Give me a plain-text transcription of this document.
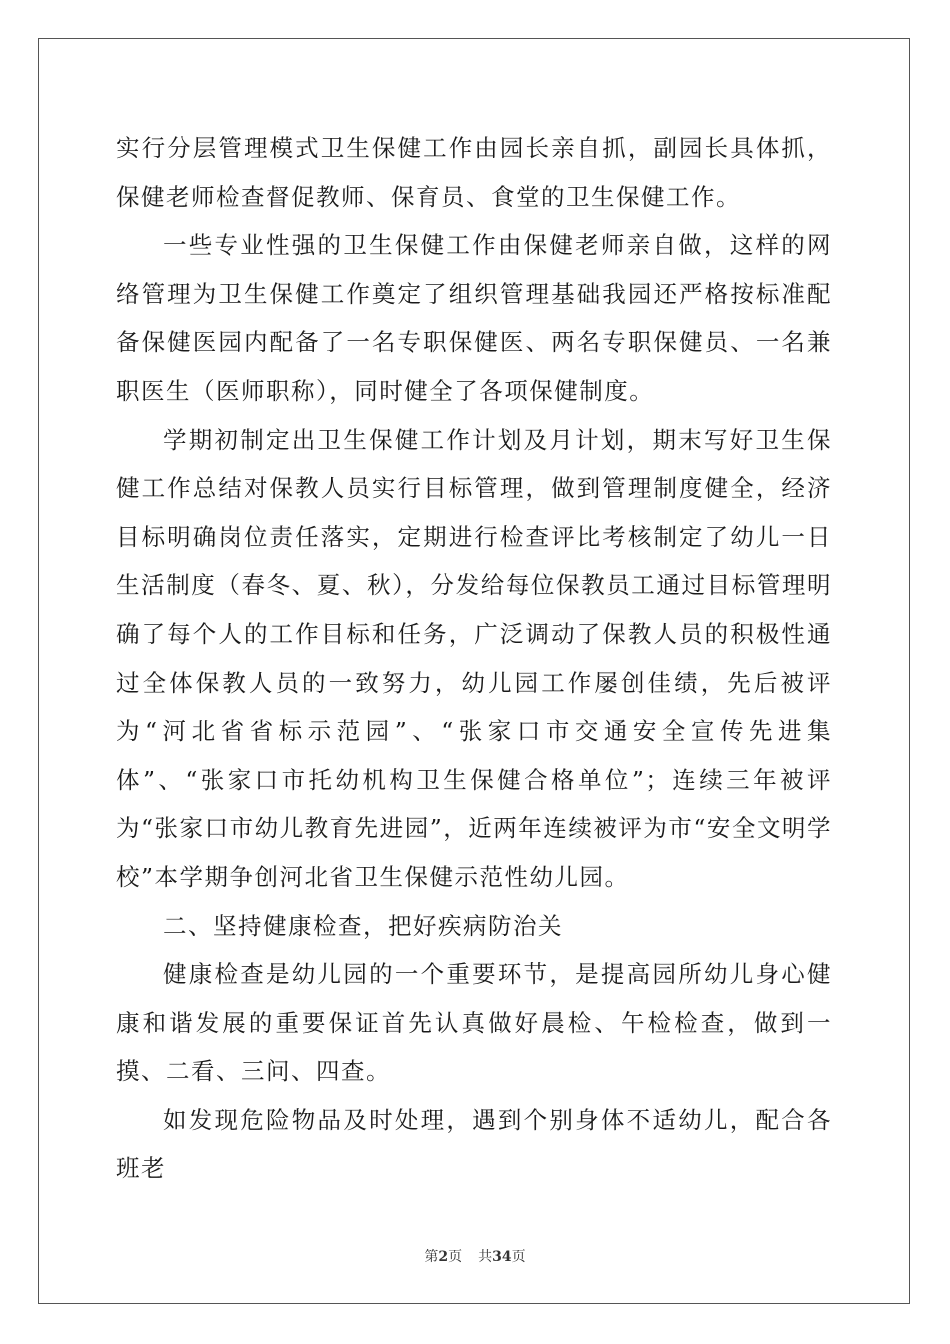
实行分层管理模式卫生保健工作由园长亲自抓，副园长具体抓，保健老师检查督促教师、保育员、食堂的卫生保健工作。

一些专业性强的卫生保健工作由保健老师亲自做，这样的网络管理为卫生保健工作奠定了组织管理基础我园还严格按标准配备保健医园内配备了一名专职保健医、两名专职保健员、一名兼职医生（医师职称），同时健全了各项保健制度。

学期初制定出卫生保健工作计划及月计划，期末写好卫生保健工作总结对保教人员实行目标管理，做到管理制度健全，经济目标明确岗位责任落实，定期进行检查评比考核制定了幼儿一日生活制度（春冬、夏、秋），分发给每位保教员工通过目标管理明确了每个人的工作目标和任务，广泛调动了保教人员的积极性通过全体保教人员的一致努力，幼儿园工作屡创佳绩，先后被评为“河北省省标示范园”、“张家口市交通安全宣传先进集体”、“张家口市托幼机构卫生保健合格单位”；连续三年被评为“张家口市幼儿教育先进园”，近两年连续被评为市“安全文明学校”本学期争创河北省卫生保健示范性幼儿园。

二、坚持健康检查，把好疾病防治关

健康检查是幼儿园的一个重要环节，是提高园所幼儿身心健康和谐发展的重要保证首先认真做好晨检、午检检查，做到一摸、二看、三问、四查。

如发现危险物品及时处理，遇到个别身体不适幼儿，配合各班老

第2页 共34页
